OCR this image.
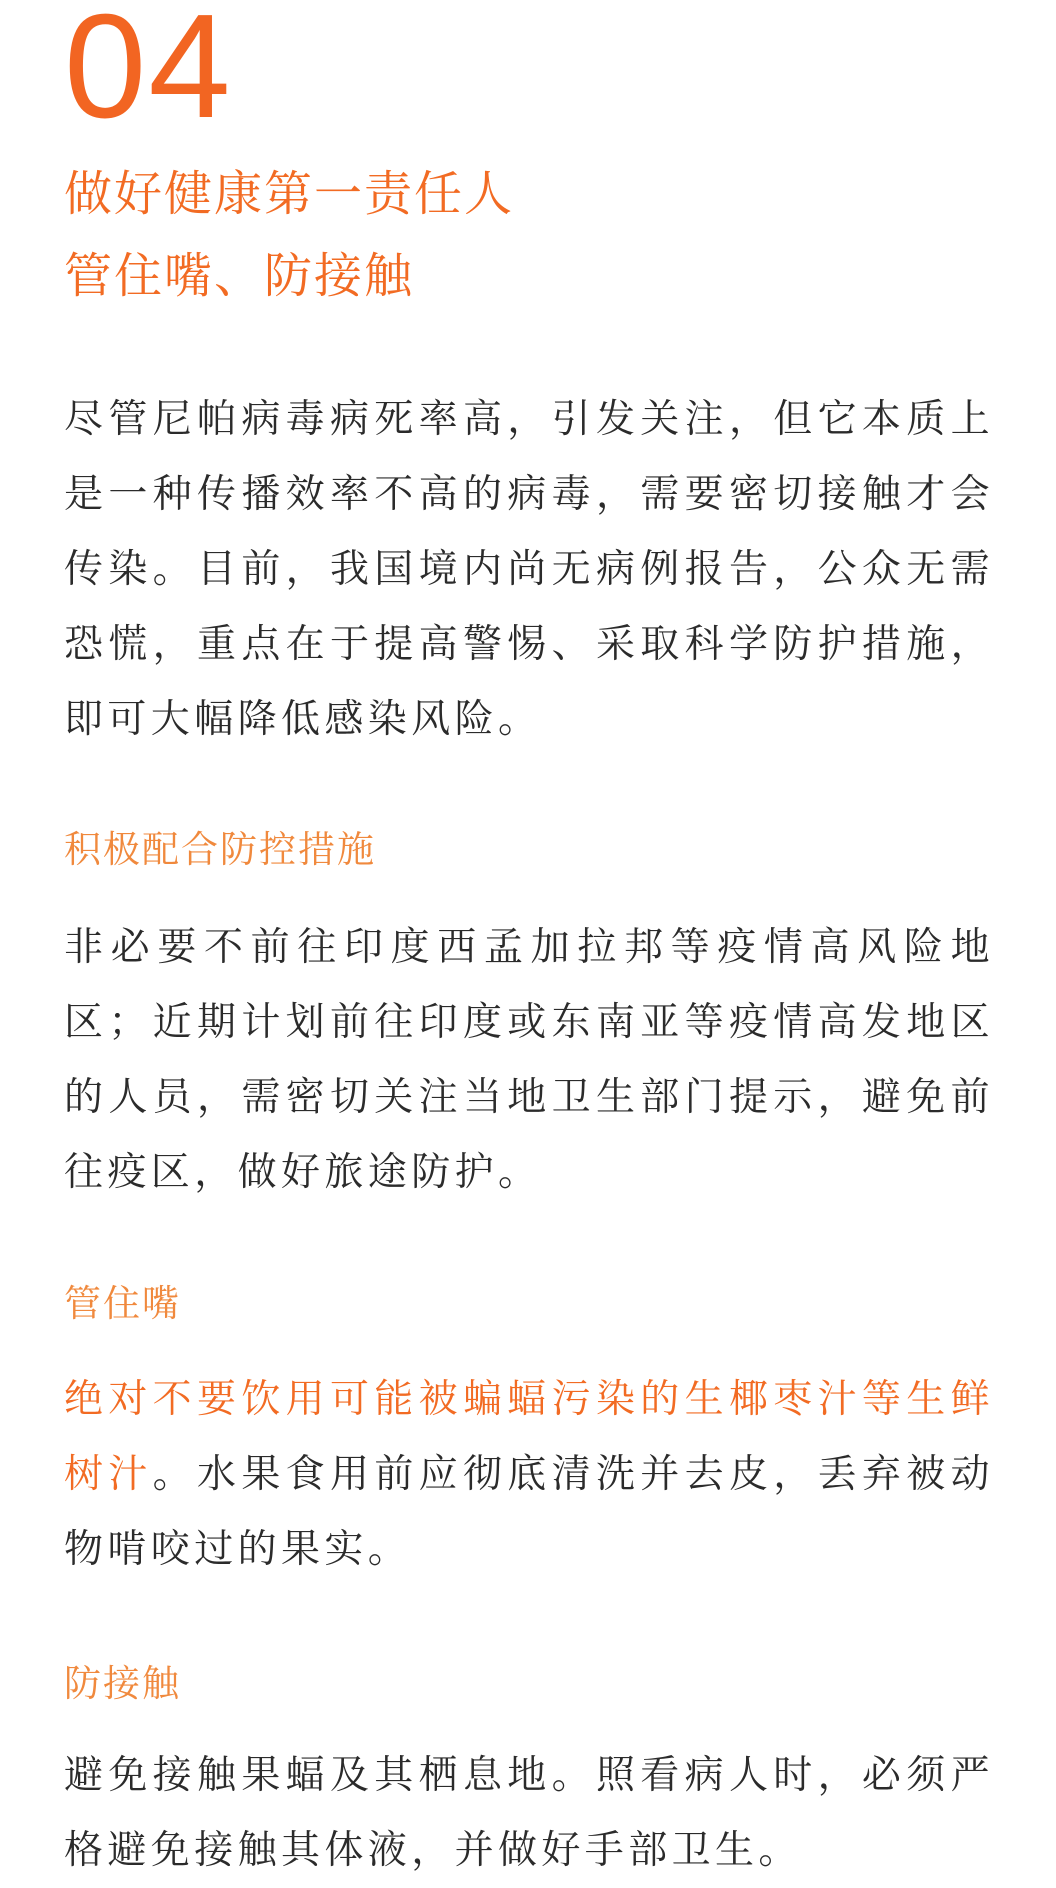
04
做好健康第一责任人
管住嘴、防接触

尽管尼帕病毒病死率高，引发关注，但它本质上是一种传播效率不高的病毒，需要密切接触才会传染。目前，我国境内尚无病例报告，公众无需恐慌，重点在于提高警惕、采取科学防护措施，即可大幅降低感染风险。

积极配合防控措施

非必要不前往印度西孟加拉邦等疫情高风险地区；近期计划前往印度或东南亚等疫情高发地区的人员，需密切关注当地卫生部门提示，避免前往疫区，做好旅途防护。

管住嘴

绝对不要饮用可能被蝙蝠污染的生椰枣汁等生鲜树汁。水果食用前应彻底清洗并去皮，丢弃被动物啃咬过的果实。

防接触

避免接触果蝠及其栖息地。照看病人时，必须严格避免接触其体液，并做好手部卫生。
